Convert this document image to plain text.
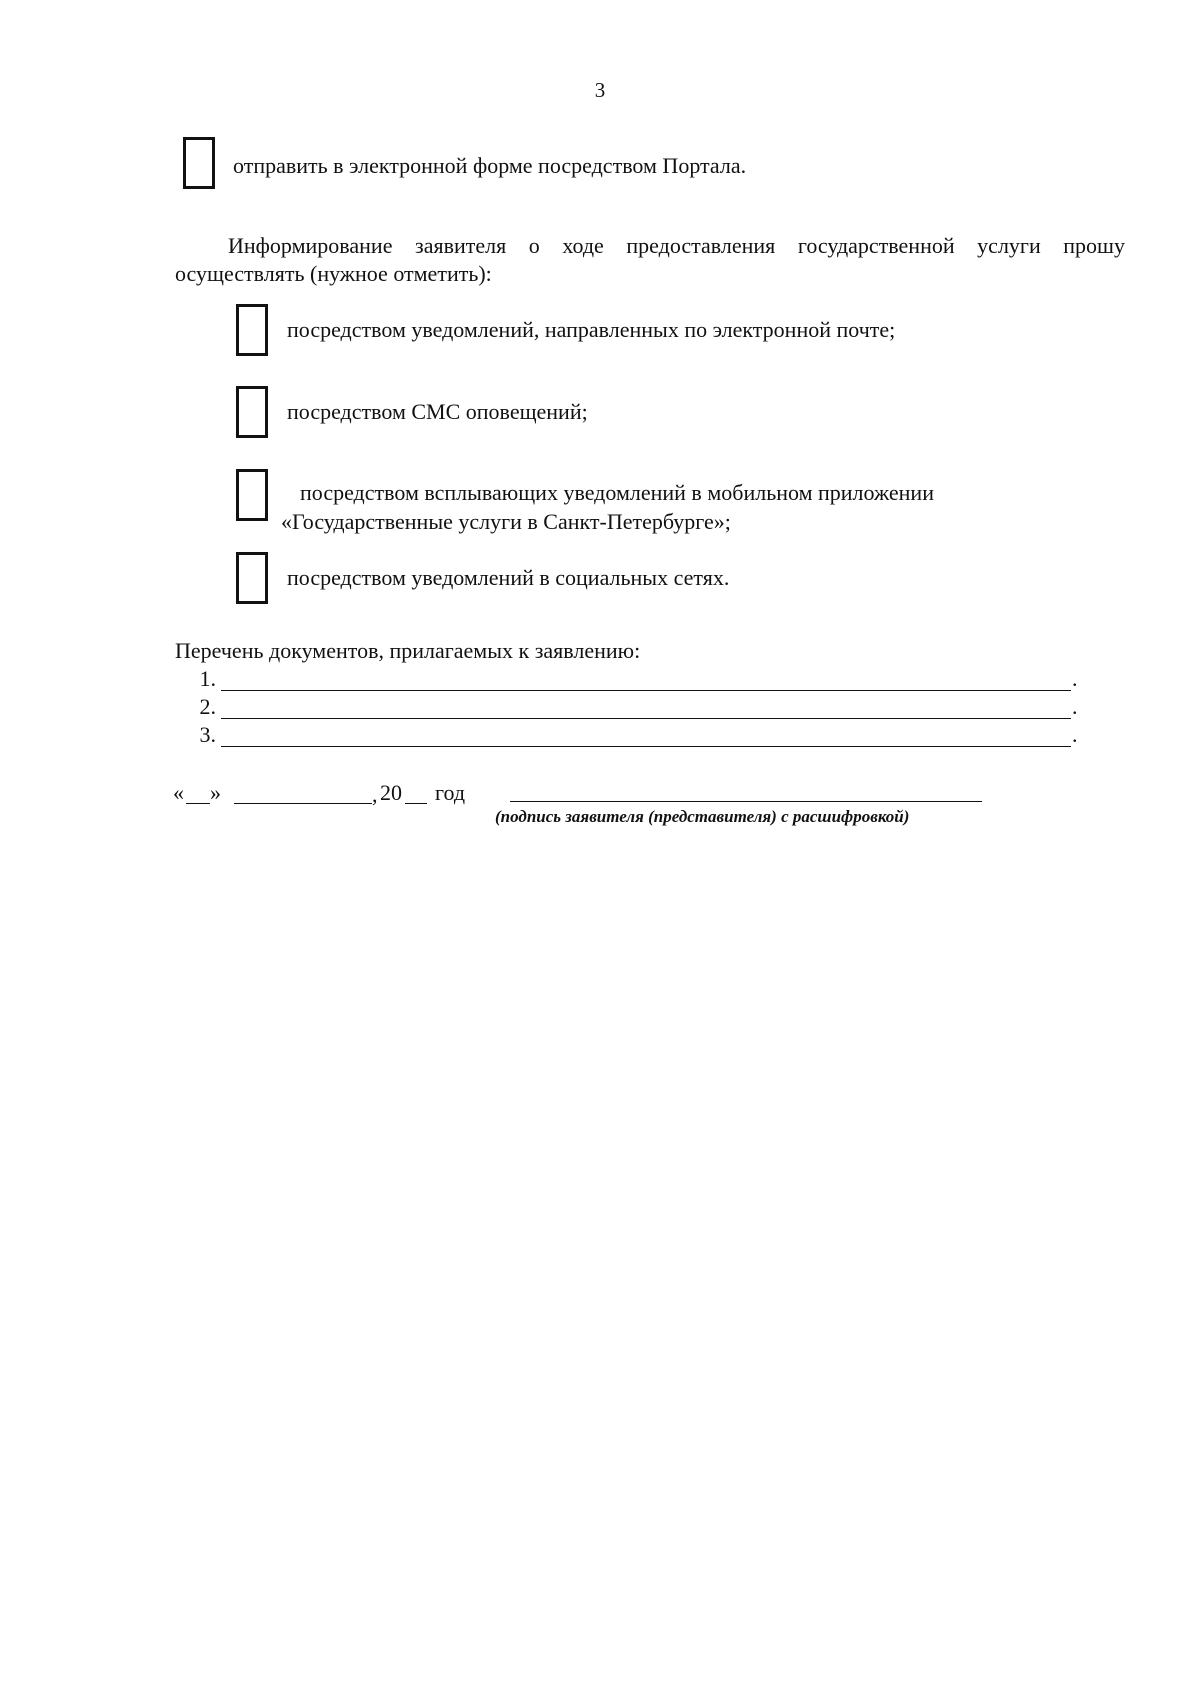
3
отправить в электронной форме посредством Портала.
Информирование заявителя о ходе предоставления государственной услуги прошу осуществлять (нужное отметить):
посредством уведомлений, направленных по электронной почте;
посредством СМС оповещений;
посредством всплывающих уведомлений в мобильном приложении
«Государственные услуги в Санкт-Петербурге»;
посредством уведомлений в социальных сетях.
Перечень документов, прилагаемых к заявлению:
1.	.
2.	.
3.	.
« »	, 20 год
(подпись заявителя (представителя) с расшифровкой)
